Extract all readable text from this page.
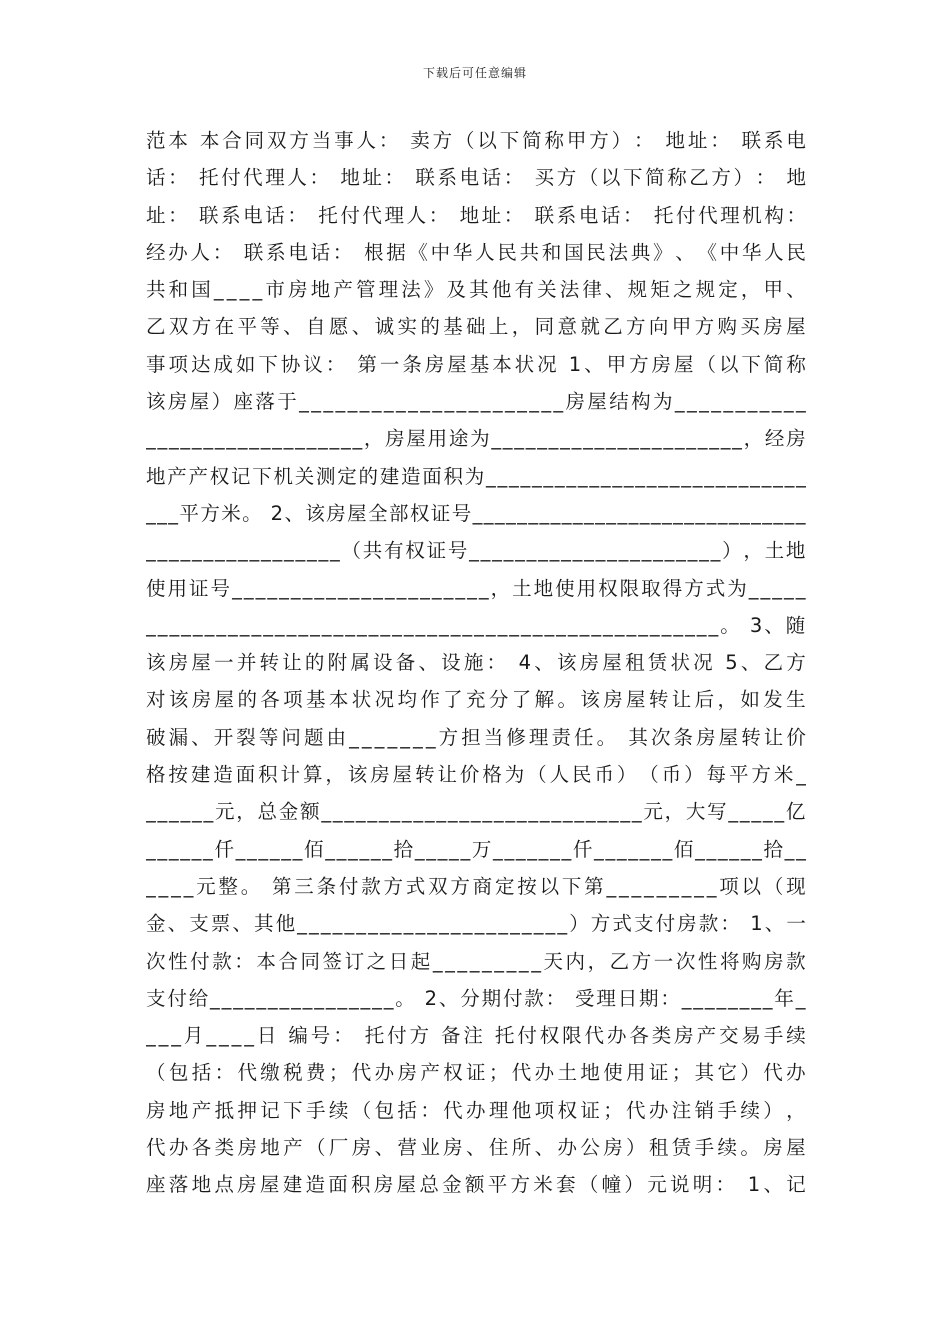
下载后可任意编辑
范 本
本 合 同 双 方 当 事 人 ：
卖 方 （ 以 下 简 称 甲 方 ） ：
地 址 ：
联 系 电
话 ：
托 付 代 理 人 ：
地 址 ：
联 系 电 话 ：
买 方 （ 以 下 简 称 乙 方 ） ：
地
址 ：
联 系 电 话 ：
托 付 代 理 人 ：
地 址 ：
联 系 电 话 ：
托 付 代 理 机 构 ：
经 办 人 ：
联 系 电 话 ：
根 据 《 中 华 人 民 共 和 国 民 法 典 》 、 《 中 华 人 民
共 和 国 _ _ _ _ 市 房 地 产 管 理 法 》 及 其 他 有 关 法 律 、 规 矩 之 规 定 ， 甲 、
乙 双 方 在 平 等 、 自 愿 、 诚 实 的 基 础 上 ， 同 意 就 乙 方 向 甲 方 购 买 房 屋
事 项 达 成 如 下 协 议 ：
第 一 条 房 屋 基 本 状 况
1 、 甲 方 房 屋 （ 以 下 简 称
该 房 屋 ） 座 落 于 _ _ _ _ _ _ _ _ _ _ _ _ _ _ _ _ _ _ _ _ _ _ 房 屋 结 构 为 _ _ _ _ _ _ _ _ _ _ _
_ _ _ _ _ _ _ _ _ _ _ _ _ _ _ _ _ _ _ ， 房 屋 用 途 为 _ _ _ _ _ _ _ _ _ _ _ _ _ _ _ _ _ _ _ _ _ _ ， 经 房
地 产 产 权 记 下 机 关 测 定 的 建 造 面 积 为 _ _ _ _ _ _ _ _ _ _ _ _ _ _ _ _ _ _ _ _ _ _ _ _ _ _ _ _
_ _ _ 平 方 米 。
2 、 该 房 屋 全 部 权 证 号 _ _ _ _ _ _ _ _ _ _ _ _ _ _ _ _ _ _ _ _ _ _ _ _ _ _ _ _ _ _
_ _ _ _ _ _ _ _ _ _ _ _ _ _ _ _ _ （ 共 有 权 证 号 _ _ _ _ _ _ _ _ _ _ _ _ _ _ _ _ _ _ _ _ _ _ ） ， 土 地
使 用 证 号 _ _ _ _ _ _ _ _ _ _ _ _ _ _ _ _ _ _ _ _ _ _ ， 土 地 使 用 权 限 取 得 方 式 为 _ _ _ _ _
_ _ _ _ _ _ _ _ _ _ _ _ _ _ _ _ _ _ _ _ _ _ _ _ _ _ _ _ _ _ _ _ _ _ _ _ _ _ _ _ _ _ _ _ _ _ _ _ _ 。
3 、 随
该 房 屋 一 并 转 让 的 附 属 设 备 、 设 施 ：
4 、 该 房 屋 租 赁 状 况
5 、 乙 方
对 该 房 屋 的 各 项 基 本 状 况 均 作 了 充 分 了 解 。 该 房 屋 转 让 后 ， 如 发 生
破 漏 、 开 裂 等 问 题 由 _ _ _ _ _ _ _ 方 担 当 修 理 责 任 。
其 次 条 房 屋 转 让 价
格 按 建 造 面 积 计 算 ， 该 房 屋 转 让 价 格 为 （ 人 民 币 ） （ 币 ） 每 平 方 米 _
_ _ _ _ _ _ 元 ， 总 金 额 _ _ _ _ _ _ _ _ _ _ _ _ _ _ _ _ _ _ _ _ _ _ _ _ _ _ _ _ 元 ， 大 写 _ _ _ _ _ 亿
_ _ _ _ _ _ 仟 _ _ _ _ _ _ 佰 _ _ _ _ _ _ 拾 _ _ _ _ _ 万 _ _ _ _ _ _ _ 仟 _ _ _ _ _ _ _ 佰 _ _ _ _ _ _ 拾 _ _
_ _ _ _ 元 整 。
第 三 条 付 款 方 式 双 方 商 定 按 以 下 第 _ _ _ _ _ _ _ _ _ 项 以 （ 现
金 、 支 票 、 其 他 _ _ _ _ _ _ _ _ _ _ _ _ _ _ _ _ _ _ _ _ _ _ _ ） 方 式 支 付 房 款 ：
1 、 一
次 性 付 款 ： 本 合 同 签 订 之 日 起 _ _ _ _ _ _ _ _ _ 天 内 ， 乙 方 一 次 性 将 购 房 款
支 付 给 _ _ _ _ _ _ _ _ _ _ _ _ _ _ _ _ 。
2 、 分 期 付 款 ：
受 理 日 期 ： _ _ _ _ _ _ _ _ 年 _
_ _ _ 月 _ _ _ _ 日
编 号 ：
托 付 方
备 注
托 付 权 限 代 办 各 类 房 产 交 易 手 续
（ 包 括 ： 代 缴 税 费 ； 代 办 房 产 权 证 ； 代 办 土 地 使 用 证 ； 其 它 ） 代 办
房 地 产 抵 押 记 下 手 续 （ 包 括 ： 代 办 理 他 项 权 证 ； 代 办 注 销 手 续 ） ，
代 办 各 类 房 地 产 （ 厂 房 、 营 业 房 、 住 所 、 办 公 房 ） 租 赁 手 续 。 房 屋
座 落 地 点 房 屋 建 造 面 积 房 屋 总 金 额 平 方 米 套 （ 幢 ） 元 说 明 ：
1 、 记
